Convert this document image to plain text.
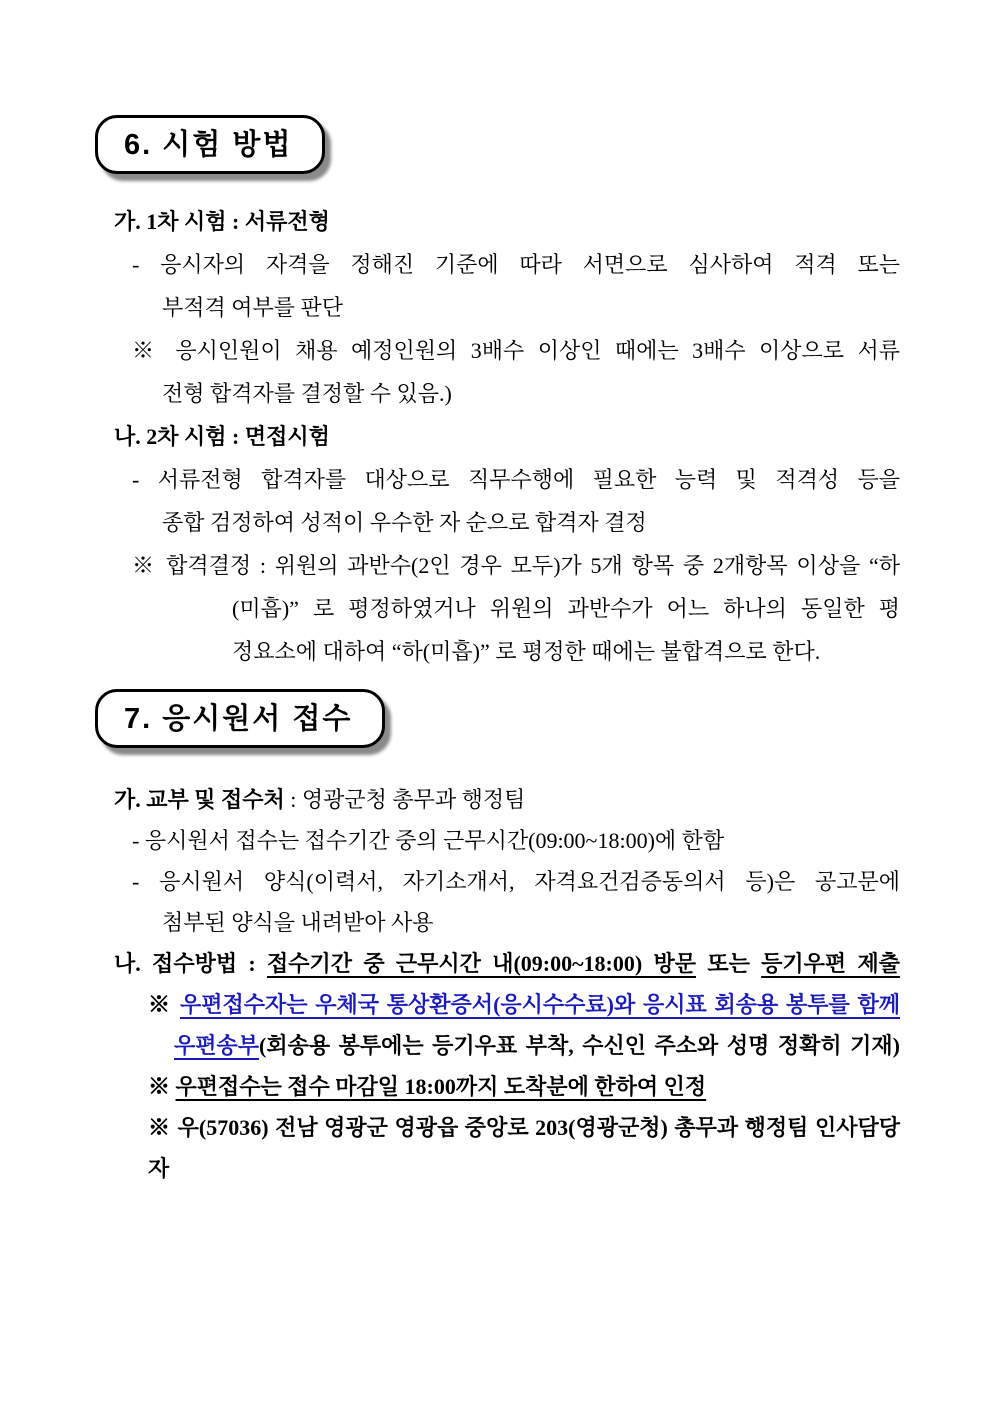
6. 시험 방법
가. 1차 시험 : 서류전형
- 응시자의 자격을 정해진 기준에 따라 서면으로 심사하여 적격 또는
부적격 여부를 판단
※ 응시인원이 채용 예정인원의 3배수 이상인 때에는 3배수 이상으로 서류
전형 합격자를 결정할 수 있음.)
나. 2차 시험 : 면접시험
- 서류전형 합격자를 대상으로 직무수행에 필요한 능력 및 적격성 등을
종합 검정하여 성적이 우수한 자 순으로 합격자 결정
※ 합격결정 : 위원의 과반수(2인 경우 모두)가 5개 항목 중 2개항목 이상을 “하
(미흡)” 로 평정하였거나 위원의 과반수가 어느 하나의 동일한 평
정요소에 대하여 “하(미흡)” 로 평정한 때에는 불합격으로 한다.
7. 응시원서 접수
가. 교부 및 접수처 : 영광군청 총무과 행정팀
- 응시원서 접수는 접수기간 중의 근무시간(09:00~18:00)에 한함
- 응시원서 양식(이력서, 자기소개서, 자격요건검증동의서 등)은 공고문에
첨부된 양식을 내려받아 사용
나. 접수방법 : 접수기간 중 근무시간 내(09:00~18:00) 방문 또는 등기우편 제출
※ 우편접수자는 우체국 통상환증서(응시수수료)와 응시표 회송용 봉투를 함께
우편송부(회송용 봉투에는 등기우표 부착, 수신인 주소와 성명 정확히 기재)
※ 우편접수는 접수 마감일 18:00까지 도착분에 한하여 인정
※ 우(57036) 전남 영광군 영광읍 중앙로 203(영광군청) 총무과 행정팀 인사담당자
